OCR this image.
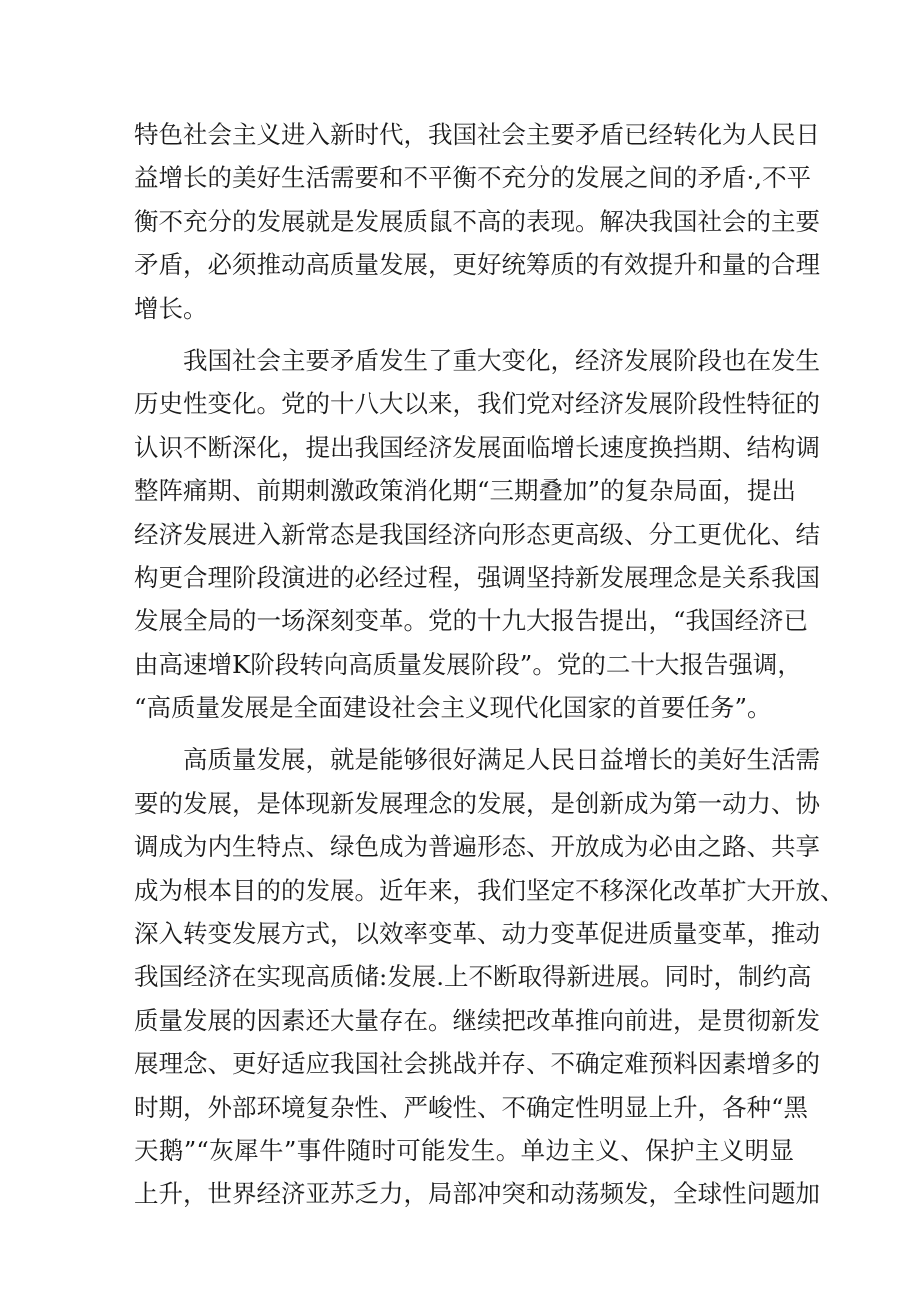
特色社会主义进入新时代，我国社会主要矛盾已经转化为人民日
益增长的美好生活需要和不平衡不充分的发展之间的矛盾·,不平
衡不充分的发展就是发展质鼠不高的表现。解决我国社会的主要
矛盾，必须推动高质量发展，更好统筹质的有效提升和量的合理
增长。
我国社会主要矛盾发生了重大变化，经济发展阶段也在发生
历史性变化。党的十八大以来，我们党对经济发展阶段性特征的
认识不断深化，提出我国经济发展面临增长速度换挡期、结构调
整阵痛期、前期刺激政策消化期“三期叠加”的复杂局面，提出
经济发展进入新常态是我国经济向形态更高级、分工更优化、结
构更合理阶段演进的必经过程，强调坚持新发展理念是关系我国
发展全局的一场深刻变革。党的十九大报告提出，“我国经济已
由高速增K阶段转向高质量发展阶段”。党的二十大报告强调，
“高质量发展是全面建设社会主义现代化国家的首要任务”。
高质量发展，就是能够很好满足人民日益增长的美好生活需
要的发展，是体现新发展理念的发展，是创新成为第一动力、协
调成为内生特点、绿色成为普遍形态、开放成为必由之路、共享
成为根本目的的发展。近年来，我们坚定不移深化改革扩大开放、
深入转变发展方式，以效率变革、动力变革促进质量变革，推动
我国经济在实现高质储:发展.上不断取得新进展。同时，制约高
质量发展的因素还大量存在。继续把改革推向前进，是贯彻新发
展理念、更好适应我国社会挑战并存、不确定难预料因素增多的
时期，外部环境复杂性、严峻性、不确定性明显上升，各种“黑
天鹅”“灰犀牛”事件随时可能发生。单边主义、保护主义明显
上升，世界经济亚苏乏力，局部冲突和动荡频发，全球性问题加
